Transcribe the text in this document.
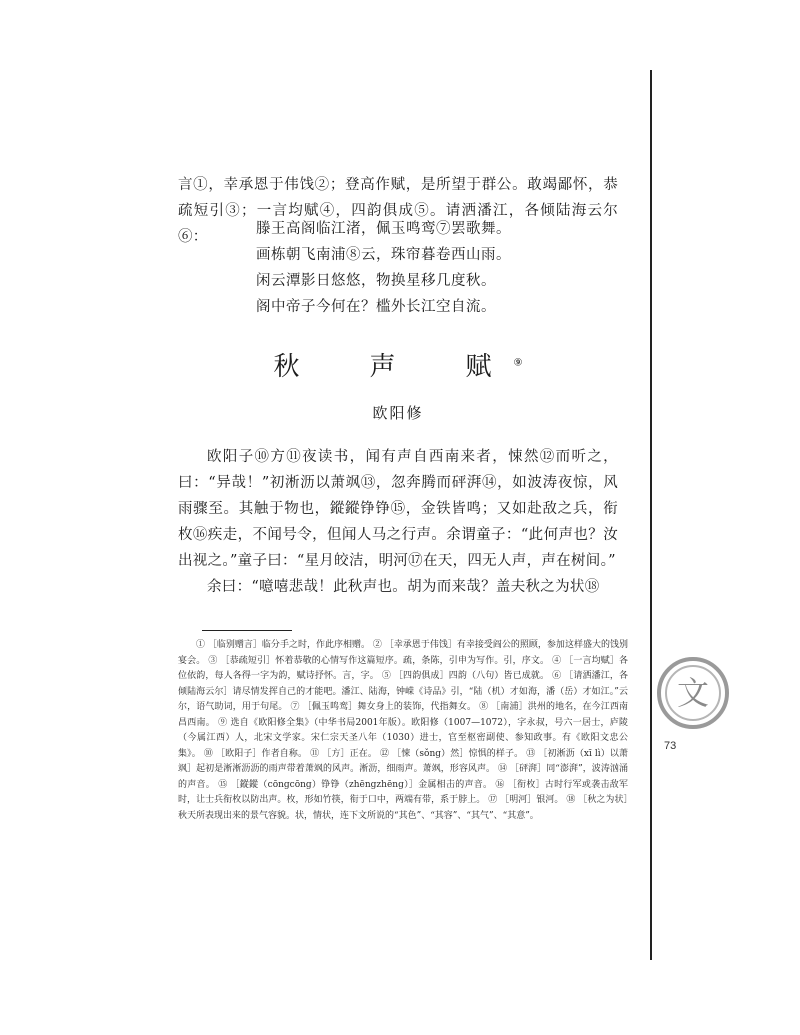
言①，幸承恩于伟饯②；登高作赋，是所望于群公。敢竭鄙怀，恭疏短引③；一言均赋④，四韵俱成⑤。请洒潘江，各倾陆海云尔⑥：	滕王高阁临江渚，佩玉鸣鸾⑦罢歌舞。
画栋朝飞南浦⑧云，珠帘暮卷西山雨。
闲云潭影日悠悠，物换星移几度秋。
阁中帝子今何在？槛外长江空自流。
秋　声　赋⑨
欧阳修

欧阳子⑩方⑪夜读书，闻有声自西南来者，悚然⑫而听之，曰：“异哉！”初淅沥以萧飒⑬，忽奔腾而砰湃⑭，如波涛夜惊，风雨骤至。其触于物也，鏦鏦铮铮⑮，金铁皆鸣；又如赴敌之兵，衔枚⑯疾走，不闻号令，但闻人马之行声。余谓童子：“此何声也？汝出视之。”童子曰：“星月皎洁，明河⑰在天，四无人声，声在树间。”

余曰：“噫嘻悲哉！此秋声也。胡为而来哉？盖夫秋之为状⑱

① ［临别赠言］临分手之时，作此序相赠。 ② ［幸承恩于伟饯］有幸接受阎公的照顾，参加这样盛大的饯别宴会。 ③ ［恭疏短引］怀着恭敬的心情写作这篇短序。疏，条陈，引申为写作。引，序文。 ④ ［一言均赋］各位依韵，每人各得一字为韵，赋诗抒怀。言，字。 ⑤ ［四韵俱成］四韵（八句）皆已成就。 ⑥ ［请洒潘江，各倾陆海云尔］请尽情发挥自己的才能吧。潘江、陆海，钟嵘《诗品》引，“陆（机）才如海，潘（岳）才如江。”云尔，语气助词，用于句尾。 ⑦ ［佩玉鸣鸾］舞女身上的装饰，代指舞女。 ⑧ ［南浦］洪州的地名，在今江西南昌西南。 ⑨ 选自《欧阳修全集》（中华书局2001年版）。欧阳修（1007—1072），字永叔，号六一居士，庐陵（今属江西）人，北宋文学家。宋仁宗天圣八年（1030）进士，官至枢密副使、参知政事。有《欧阳文忠公集》。 ⑩ ［欧阳子］作者自称。 ⑪ ［方］正在。 ⑫ ［悚（sǒng）然］惊惧的样子。 ⑬ ［初淅沥（xī lì）以萧飒］起初是淅淅沥沥的雨声带着萧飒的风声。淅沥，细雨声。萧飒，形容风声。 ⑭ ［砰湃］同“澎湃”，波涛汹涌的声音。 ⑮ ［鏦鏦（cōngcōng）铮铮（zhēngzhēng）］金属相击的声音。 ⑯ ［衔枚］古时行军或袭击敌军时，让士兵衔枚以防出声。枚，形如竹筷，衔于口中，两端有带，系于脖上。 ⑰ ［明河］银河。 ⑱ ［秋之为状］秋天所表现出来的景气容貌。状，情状，连下文所说的“其色”、“其容”、“其气”、“其意”。

文
73
